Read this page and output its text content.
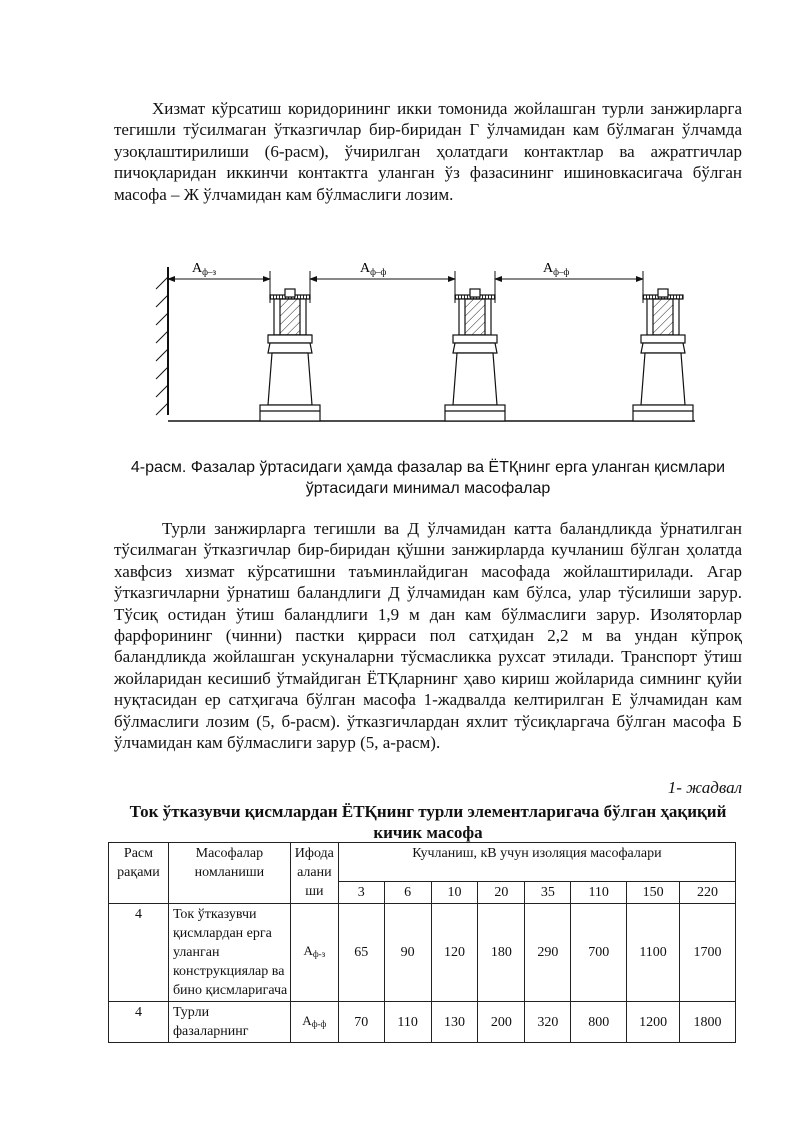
Хизмат кўрсатиш коридорининг икки томонида жойлашган турли занжирларга тегишли тўсилмаган ўтказгичлар бир-биридан Г ўлчамидан кам бўлмаган ўлчамда узоқлаштирилиши (6-расм), ўчирилган ҳолатдаги контактлар ва ажратгичлар пичоқларидан иккинчи контактга уланган ўз фазасининг ишиновкасигача бўлган масофа – Ж ўлчамидан кам бўлмаслиги лозим.

$А_{ф-з}$	$А_{ф-ф}$	$А_{ф-ф}$
4-расм. Фазалар ўртасидаги ҳамда фазалар ва ЁТҚнинг ерга уланган қисмлари ўртасидаги минимал масофалар

Турли занжирларга тегишли ва Д ўлчамидан катта баландликда ўрнатилган тўсилмаган ўтказгичлар бир-биридан қўшни занжирларда кучланиш бўлган ҳолатда хавфсиз хизмат кўрсатишни таъминлайдиган масофада жойлаштирилади. Агар ўтказгичларни ўрнатиш баландлиги Д ўлчамидан кам бўлса, улар тўсилиши зарур. Тўсиқ остидан ўтиш баландлиги 1,9 м дан кам бўлмаслиги зарур. Изоляторлар фарфорининг (чинни) пастки қирраси пол сатҳидан 2,2 м ва ундан кўпроқ баландликда жойлашган ускуналарни тўсмасликка рухсат этилади. Транспорт ўтиш жойларидан кесишиб ўтмайдиган ЁТҚларнинг ҳаво кириш жойларида симнинг қуйи нуқтасидан ер сатҳигача бўлган масофа 1-жадвалда келтирилган Е ўлчамидан кам бўлмаслиги лозим (5, б-расм). ўтказгичлардан яхлит тўсиқларгача бўлган масофа Б ўлчамидан кам бўлмаслиги зарур (5, а-расм).

1- жадвал
Ток ўтказувчи қисмлардан ЁТҚнинг турли элементларигача бўлган ҳақиқий кичик масофа
Расм рақами	Масофалар номланиши	Ифода алани ши	Кучланиш, кВ учун изоляция масофалари							
			3	6	10	20	35	110	150	220
4	Ток ўтказувчи қисмлардан ерга уланган конструкциялар ва бино қисмларигача	$А_{ф-з}$	65	90	120	180	290	700	1100	1700
4	Турли фазаларнинг	$А_{ф-ф}$	70	110	130	200	320	800	1200	1800
